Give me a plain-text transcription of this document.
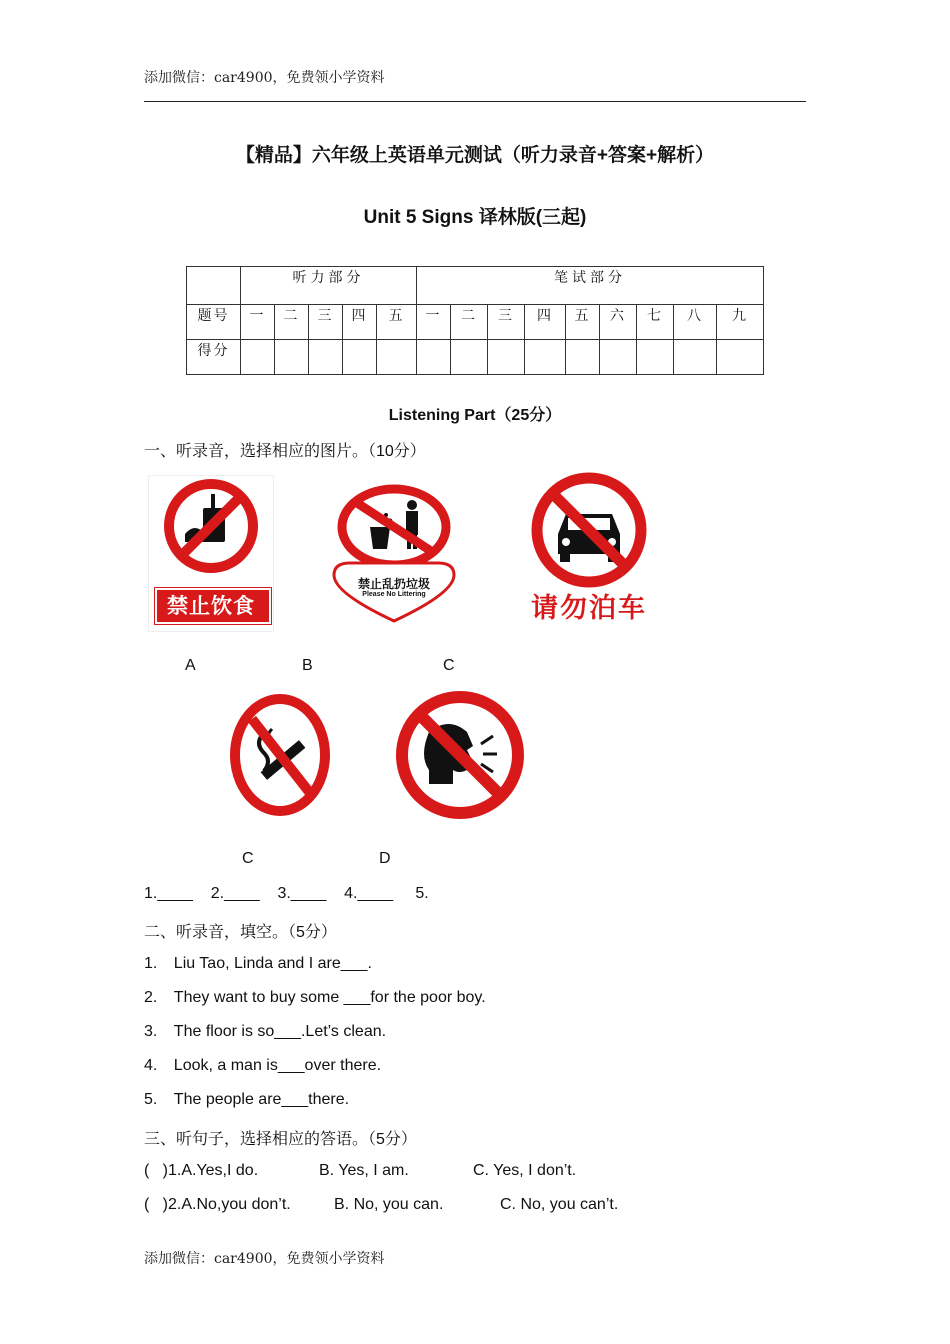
添加微信：car4900，免费领小学资料
【精品】六年级上英语单元测试（听力录音+答案+解析）
Unit 5 Signs 译林版(三起)
	听力部分					笔试部分								
题号	一	二	三	四	五	一	二	三	四	五	六	七	八	九
得分														
Listening Part（25分）
一、听录音，选择相应的图片。（10分）
禁止饮食
禁止乱扔垃圾
Please No Littering	请勿泊车
A	B	C
C	D
1.____    2.____    3.____    4.____     5.
二、听录音，填空。（5分）
1. Liu Tao, Linda and I are___.
2. They want to buy some ___for the poor boy.
3. The floor is so___.Let’s clean.
4. Look, a man is___over there.
5. The people are___there.
三、听句子，选择相应的答语。（5分）
(   )1.A.Yes,I do.	B. Yes, I am.	C. Yes, I don’t.
(   )2.A.No,you don’t.	B. No, you can.	C. No, you can’t.
添加微信：car4900，免费领小学资料
